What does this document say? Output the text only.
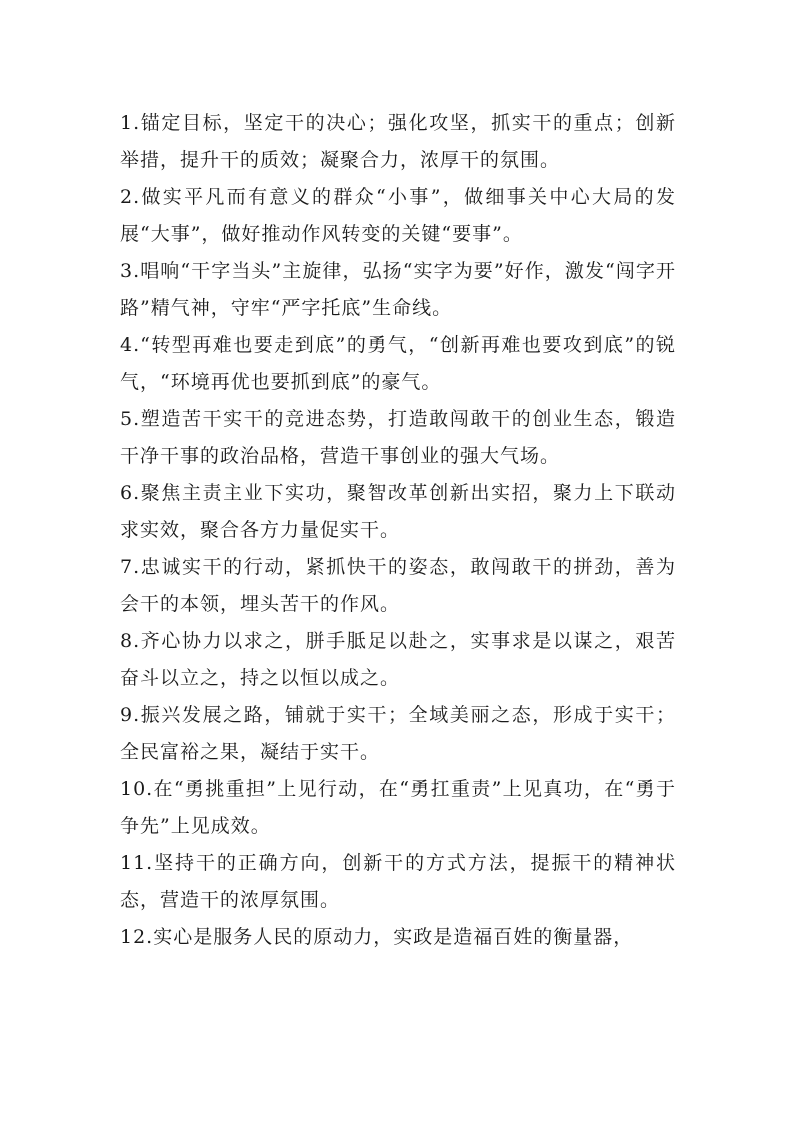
1.锚定目标，坚定干的决心；强化攻坚，抓实干的重点；创新举措，提升干的质效；凝聚合力，浓厚干的氛围。

2.做实平凡而有意义的群众“小事”，做细事关中心大局的发展“大事”，做好推动作风转变的关键“要事”。

3.唱响“干字当头”主旋律，弘扬“实字为要”好作，激发“闯字开路”精气神，守牢“严字托底”生命线。

4.“转型再难也要走到底”的勇气，“创新再难也要攻到底”的锐气，“环境再优也要抓到底”的豪气。

5.塑造苦干实干的竞进态势，打造敢闯敢干的创业生态，锻造干净干事的政治品格，营造干事创业的强大气场。

6.聚焦主责主业下实功，聚智改革创新出实招，聚力上下联动求实效，聚合各方力量促实干。

7.忠诚实干的行动，紧抓快干的姿态，敢闯敢干的拼劲，善为会干的本领，埋头苦干的作风。

8.齐心协力以求之，胼手胝足以赴之，实事求是以谋之，艰苦奋斗以立之，持之以恒以成之。

9.振兴发展之路，铺就于实干；全域美丽之态，形成于实干；全民富裕之果，凝结于实干。

10.在“勇挑重担”上见行动，在“勇扛重责”上见真功，在“勇于争先”上见成效。

11.坚持干的正确方向，创新干的方式方法，提振干的精神状态，营造干的浓厚氛围。

12.实心是服务人民的原动力，实政是造福百姓的衡量器，
